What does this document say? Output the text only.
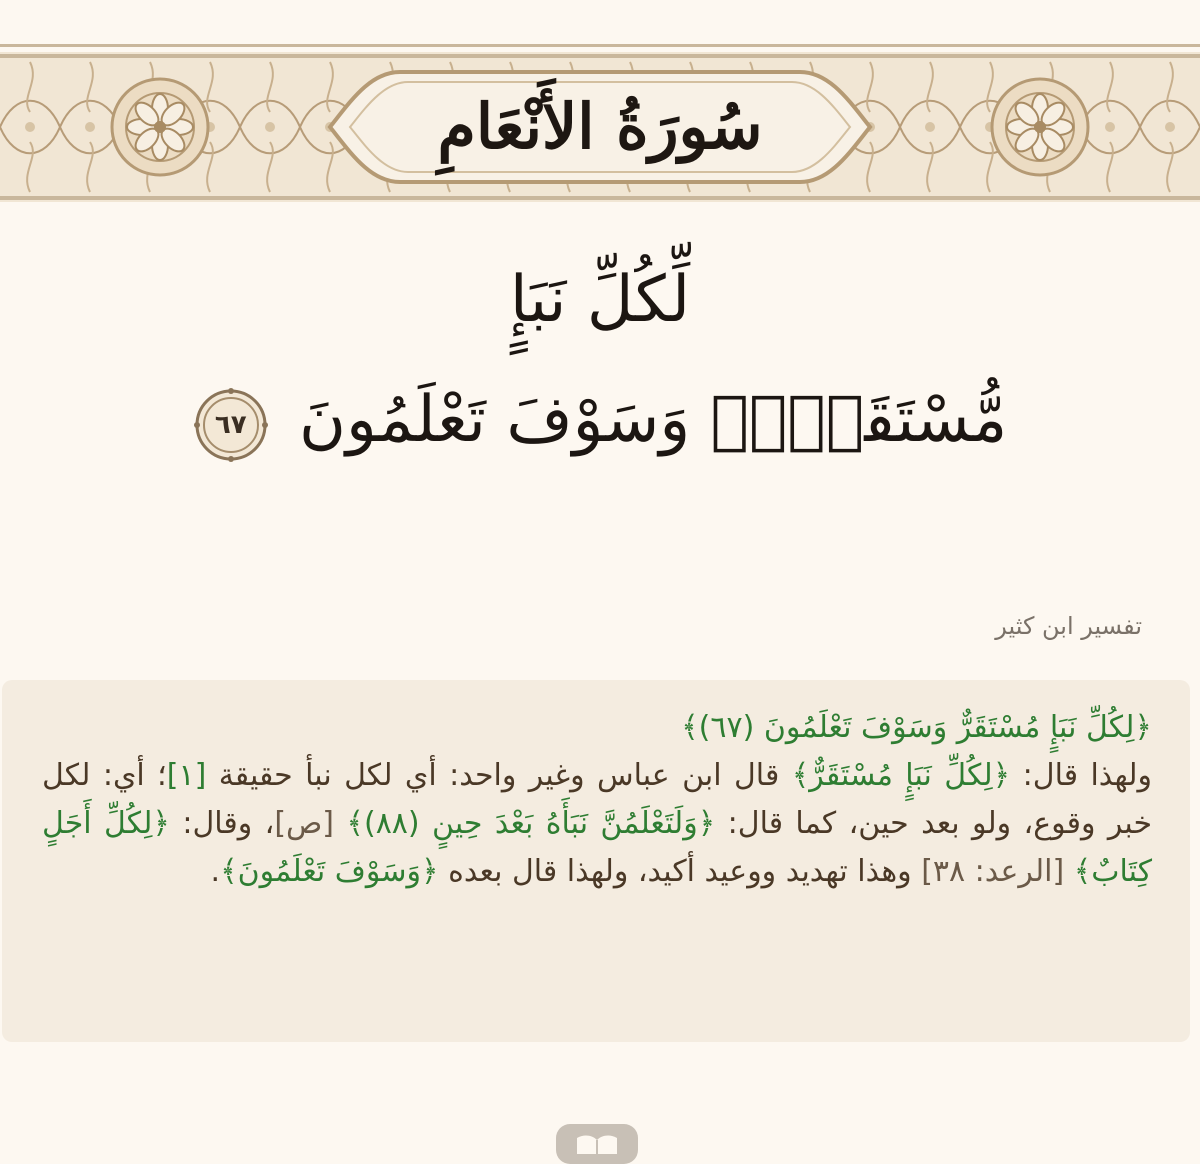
سُورَةُ الأَنْعَامِ
لِّكُلِّ نَبَإٍ
مُّسْتَقَرٌّۚ وَسَوْفَ تَعْلَمُونَ
٦٧
تفسير ابن كثير

﴿لِكُلِّ نَبَإٍ مُسْتَقَرٌّ وَسَوْفَ تَعْلَمُونَ (٦٧)﴾

ولهذا قال: ﴿لِكُلِّ نَبَإٍ مُسْتَقَرٌّ﴾ قال ابن عباس وغير واحد: أي لكل نبأ حقيقة [١]؛ أي: لكل خبر وقوع، ولو بعد حين، كما قال: ﴿وَلَتَعْلَمُنَّ نَبَأَهُ بَعْدَ حِينٍ (٨٨)﴾ [ص]، وقال: ﴿لِكُلِّ أَجَلٍ كِتَابٌ﴾ [الرعد: ٣٨] وهذا تهديد ووعيد أكيد، ولهذا قال بعده ﴿وَسَوْفَ تَعْلَمُونَ﴾.
